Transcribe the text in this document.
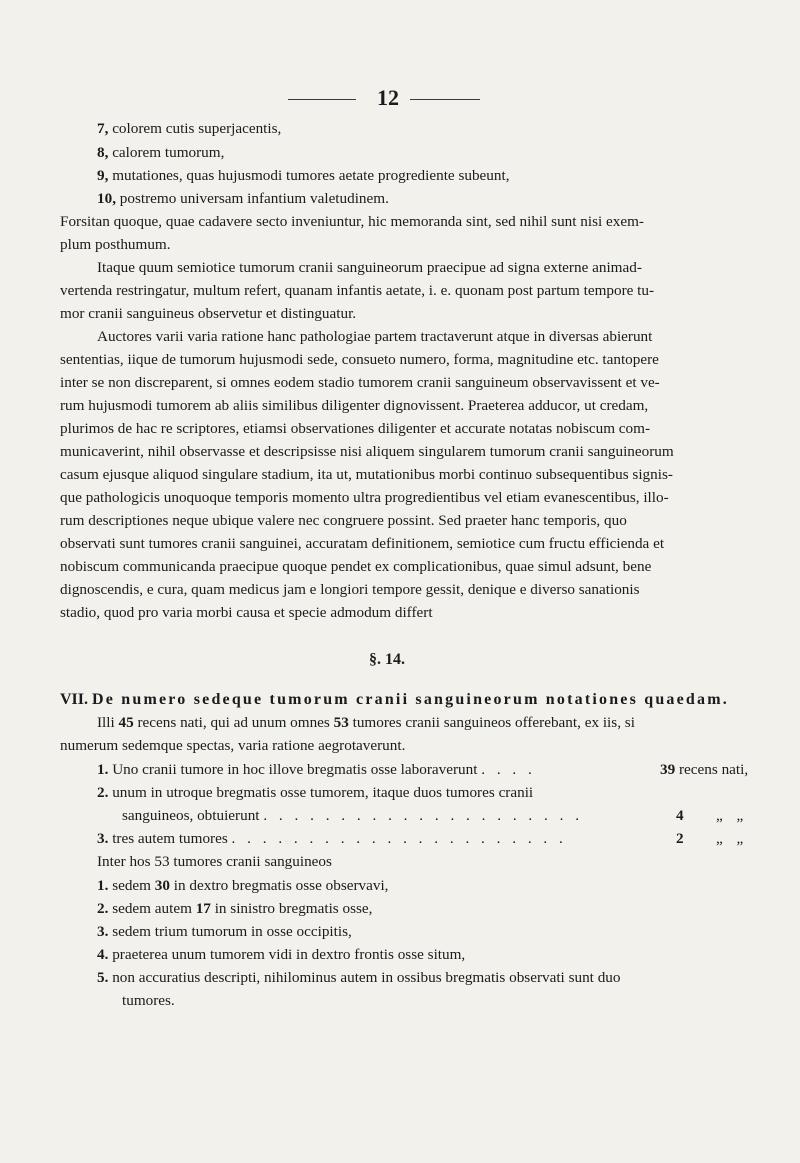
12
7, colorem cutis superjacentis,
8, calorem tumorum,
9, mutationes, quas hujusmodi tumores aetate progrediente subeunt,
10, postremo universam infantium valetudinem.
Forsitan quoque, quae cadavere secto inveniuntur, hic memoranda sint, sed nihil sunt nisi exem-
plum posthumum.
Itaque quum semiotice tumorum cranii sanguineorum praecipue ad signa externe animad-
vertenda restringatur, multum refert, quanam infantis aetate, i. e. quonam post partum tempore tu-
mor cranii sanguineus observetur et distinguatur.
Auctores varii varia ratione hanc pathologiae partem tractaverunt atque in diversas abierunt
sententias, iique de tumorum hujusmodi sede, consueto numero, forma, magnitudine etc. tantopere
inter se non discreparent, si omnes eodem stadio tumorem cranii sanguineum observavissent et ve-
rum hujusmodi tumorem ab aliis similibus diligenter dignovissent. Praeterea adducor, ut credam,
plurimos de hac re scriptores, etiamsi observationes diligenter et accurate notatas nobiscum com-
municaverint, nihil observasse et descripsisse nisi aliquem singularem tumorum cranii sanguineorum
casum ejusque aliquod singulare stadium, ita ut, mutationibus morbi continuo subsequentibus signis-
que pathologicis unoquoque temporis momento ultra progredientibus vel etiam evanescentibus, illo-
rum descriptiones neque ubique valere nec congruere possint. Sed praeter hanc temporis, quo
observati sunt tumores cranii sanguinei, accuratam definitionem, semiotice cum fructu efficienda et
nobiscum communicanda praecipue quoque pendet ex complicationibus, quae simul adsunt, bene
dignoscendis, e cura, quam medicus jam e longiori tempore gessit, denique e diverso sanationis
stadio, quod pro varia morbi causa et specie admodum differt
§. 14.
VII. De numero sedeque tumorum cranii sanguineorum notationes quaedam.
Illi 45 recens nati, qui ad unum omnes 53 tumores cranii sanguineos offerebant, ex iis, si
numerum sedemque spectas, varia ratione aegrotaverunt.
1. Uno cranii tumore in hoc illove bregmatis osse laboraverunt . . . .	39 recens nati,
2. unum in utroque bregmatis osse tumorem, itaque duos tumores cranii
sanguineos, obtuierunt . . . . . . . . . . . . . . . . . . . . .	4 „ „
3. tres autem tumores . . . . . . . . . . . . . . . . . . . . . .	2 „ „
Inter hos 53 tumores cranii sanguineos
1. sedem 30 in dextro bregmatis osse observavi,
2. sedem autem 17 in sinistro bregmatis osse,
3. sedem trium tumorum in osse occipitis,
4. praeterea unum tumorem vidi in dextro frontis osse situm,
5. non accuratius descripti, nihilominus autem in ossibus bregmatis observati sunt duo
tumores.
